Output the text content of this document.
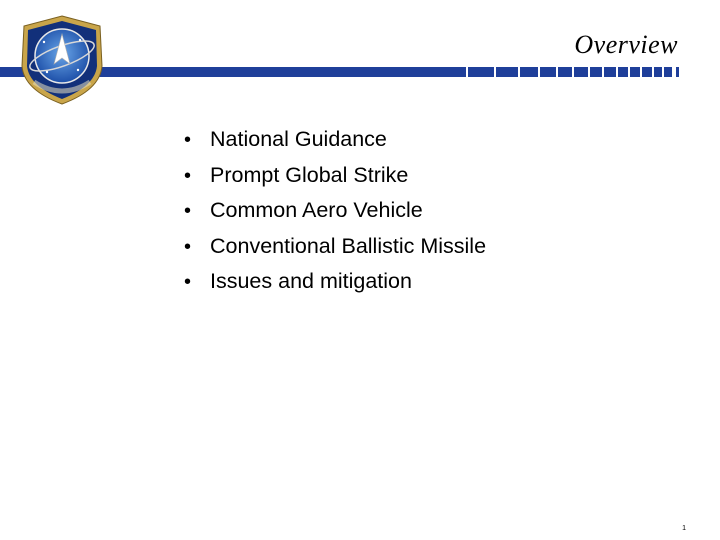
Overview
• National Guidance
• Prompt Global Strike
• Common Aero Vehicle
• Conventional Ballistic Missile
• Issues and mitigation
1
